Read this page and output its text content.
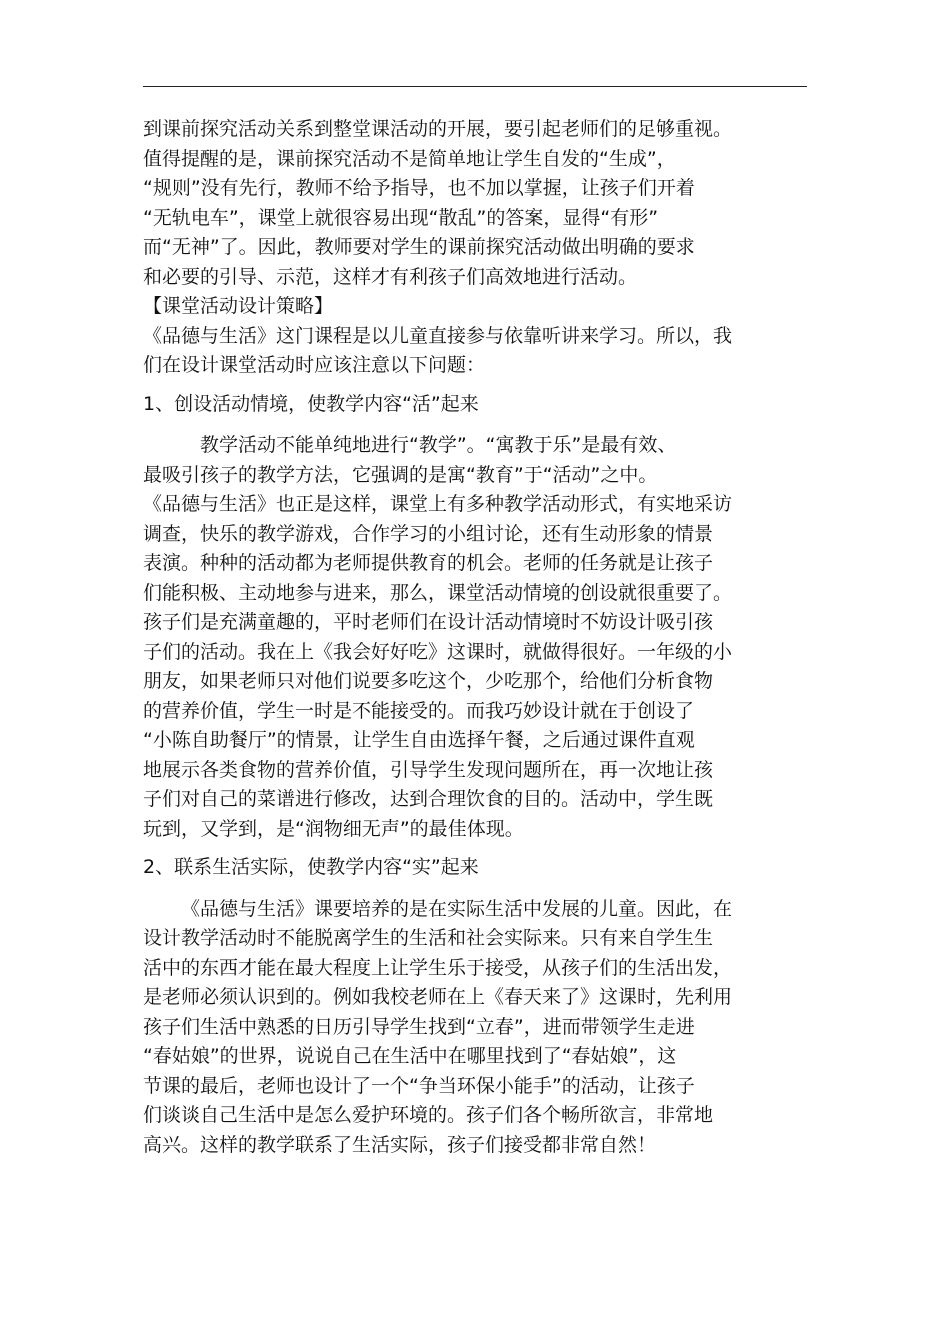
到课前探究活动关系到整堂课活动的开展，要引起老师们的足够重视。
值得提醒的是，课前探究活动不是简单地让学生自发的“生成”，
“规则”没有先行，教师不给予指导，也不加以掌握，让孩子们开着
“无轨电车”，课堂上就很容易出现“散乱”的答案，显得“有形”
而“无神”了。因此，教师要对学生的课前探究活动做出明确的要求
和必要的引导、示范，这样才有利孩子们高效地进行活动。
【课堂活动设计策略】
《品德与生活》这门课程是以儿童直接参与依靠听讲来学习。所以，我
们在设计课堂活动时应该注意以下问题：
1、创设活动情境，使教学内容“活”起来
教学活动不能单纯地进行“教学”。“寓教于乐”是最有效、
最吸引孩子的教学方法，它强调的是寓“教育”于“活动”之中。
《品德与生活》也正是这样，课堂上有多种教学活动形式，有实地采访
调查，快乐的教学游戏，合作学习的小组讨论，还有生动形象的情景
表演。种种的活动都为老师提供教育的机会。老师的任务就是让孩子
们能积极、主动地参与进来，那么，课堂活动情境的创设就很重要了。
孩子们是充满童趣的，平时老师们在设计活动情境时不妨设计吸引孩
子们的活动。我在上《我会好好吃》这课时，就做得很好。一年级的小
朋友，如果老师只对他们说要多吃这个，少吃那个，给他们分析食物
的营养价值，学生一时是不能接受的。而我巧妙设计就在于创设了
“小陈自助餐厅”的情景，让学生自由选择午餐，之后通过课件直观
地展示各类食物的营养价值，引导学生发现问题所在，再一次地让孩
子们对自己的菜谱进行修改，达到合理饮食的目的。活动中，学生既
玩到，又学到，是“润物细无声”的最佳体现。
2、联系生活实际，使教学内容“实”起来
《品德与生活》课要培养的是在实际生活中发展的儿童。因此，在
设计教学活动时不能脱离学生的生活和社会实际来。只有来自学生生
活中的东西才能在最大程度上让学生乐于接受，从孩子们的生活出发，
是老师必须认识到的。例如我校老师在上《春天来了》这课时，先利用
孩子们生活中熟悉的日历引导学生找到“立春”，进而带领学生走进
“春姑娘”的世界，说说自己在生活中在哪里找到了“春姑娘”，这
节课的最后，老师也设计了一个“争当环保小能手”的活动，让孩子
们谈谈自己生活中是怎么爱护环境的。孩子们各个畅所欲言，非常地
高兴。这样的教学联系了生活实际，孩子们接受都非常自然！
